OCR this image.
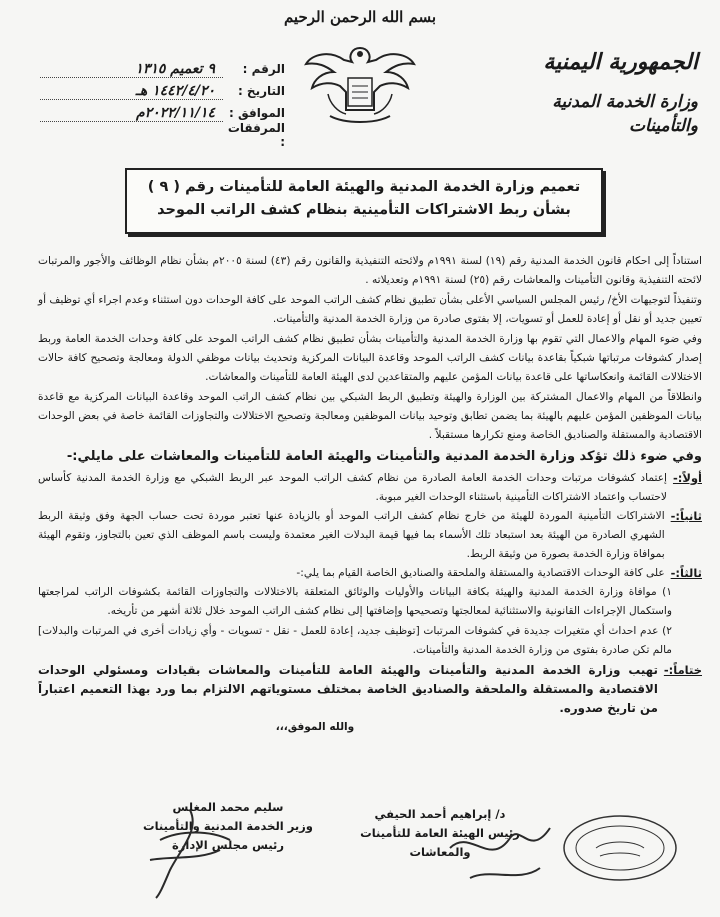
الجمهورية اليمنية
وزارة الخدمة المدنية والتأمينات
بسم الله الرحمن الرحيم
الرقم :
٩ تعميم ١٣١٥
التاريخ :
١٤٤٢/٤/٢٠ هـ
الموافق :
٢٠٢٢/١١/١٤م
المرفقات :
تعميم وزارة الخدمة المدنية والهيئة العامة للتأمينات رقم ( ٩ )
بشأن ربط الاشتراكات التأمينية بنظام كشف الراتب الموحد

استناداً إلى احكام قانون الخدمة المدنية رقم (١٩) لسنة ١٩٩١م ولائحته التنفيذية والقانون رقم (٤٣) لسنة ٢٠٠٥م بشأن نظام الوظائف والأجور والمرتبات لائحته التنفيذية وقانون التأمينات والمعاشات رقم (٢٥) لسنة ١٩٩١م وتعديلاته .

وتنفيذاً لتوجيهات الأخ/ رئيس المجلس السياسي الأعلى بشأن تطبيق نظام كشف الراتب الموحد على كافة الوحدات دون استثناء وعدم اجراء أي توظيف أو تعيين جديد أو نقل أو إعادة للعمل أو تسويات، إلا بفتوى صادرة من وزارة الخدمة المدنية والتأمينات.

وفي ضوء المهام والاعمال التي تقوم بها وزارة الخدمة المدنية والتأمينات بشأن تطبيق نظام كشف الراتب الموحد على كافة وحدات الخدمة العامة وربط إصدار كشوفات مرتباتها شبكياً بقاعدة بيانات كشف الراتب الموحد وقاعدة البيانات المركزية وتحديث بيانات موظفي الدولة ومعالجة وتصحيح كافة حالات الاختلالات القائمة وانعكاساتها على قاعدة بيانات المؤمن عليهم والمتقاعدين لدى الهيئة العامة للتأمينات والمعاشات.

وانطلاقاً من المهام والاعمال المشتركة بين الوزارة والهيئة وتطبيق الربط الشبكي بين نظام كشف الراتب الموحد وقاعدة البيانات المركزية مع قاعدة بيانات الموظفين المؤمن عليهم بالهيئة بما يضمن تطابق وتوحيد بيانات الموظفين ومعالجة وتصحيح الاختلالات والتجاوزات القائمة خاصة في بعض الوحدات الاقتصادية والمستقلة والصناديق الخاصة ومنع تكرارها مستقبلاً .

وفي ضوء ذلك تؤكد وزارة الخدمة المدنية والتأمينات والهيئة العامة للتأمينات والمعاشات على مايلي:-

أولاً:-
إعتماد كشوفات مرتبات وحدات الخدمة العامة الصادرة من نظام كشف الراتب الموحد عبر الربط الشبكي مع وزارة الخدمة المدنية كأساس لاحتساب واعتماد الاشتراكات التأمينية باستثناء الوحدات الغير مبوبة.
ثانياً:-
الاشتراكات التأمينية الموردة للهيئة من خارج نظام كشف الراتب الموحد أو بالزيادة عنها تعتبر موردة تحت حساب الجهة وفق وثيقة الربط الشهري الصادرة من الهيئة بعد استبعاد تلك الأسماء بما فيها قيمة البدلات الغير معتمدة وليست باسم الموظف الذي تعين بالتجاوز، وتقوم الهيئة بموافاة وزارة الخدمة بصورة من وثيقة الربط.
ثالثاً:-
على كافة الوحدات الاقتصادية والمستقلة والملحقة والصناديق الخاصة القيام بما يلي:-

١) موافاة وزارة الخدمة المدنية والهيئة بكافة البيانات والأوليات والوثائق المتعلقة بالاختلالات والتجاوزات القائمة بكشوفات الراتب لمراجعتها واستكمال الإجراءات القانونية والاستثنائية لمعالجتها وتصحيحها وإضافتها إلى نظام كشف الراتب الموحد خلال ثلاثة أشهر من تأريخه.

٢) عدم احداث أي متغيرات جديدة في كشوفات المرتبات [توظيف جديد، إعادة للعمل - نقل - تسويات - وأي زيادات أخرى في المرتبات والبدلات] مالم تكن صادرة بفتوى من وزارة الخدمة المدنية والتأمينات.

ختاماً:-
تهيب وزارة الخدمة المدنية والتأمينات والهيئة العامة للتأمينات والمعاشات بقيادات ومسئولي الوحدات الاقتصادية والمستقلة والملحقة والصناديق الخاصة بمختلف مستوياتهم الالتزام بما ورد بهذا التعميم اعتباراً من تاريخ صدوره.

والله الموفق،،،

د/ إبراهيم أحمد الحيفي
رئيس الهيئة العامة للتأمينات والمعاشات
سليم محمد المغلس
وزير الخدمة المدنية والتأمينات
رئيس مجلس الإدارة
